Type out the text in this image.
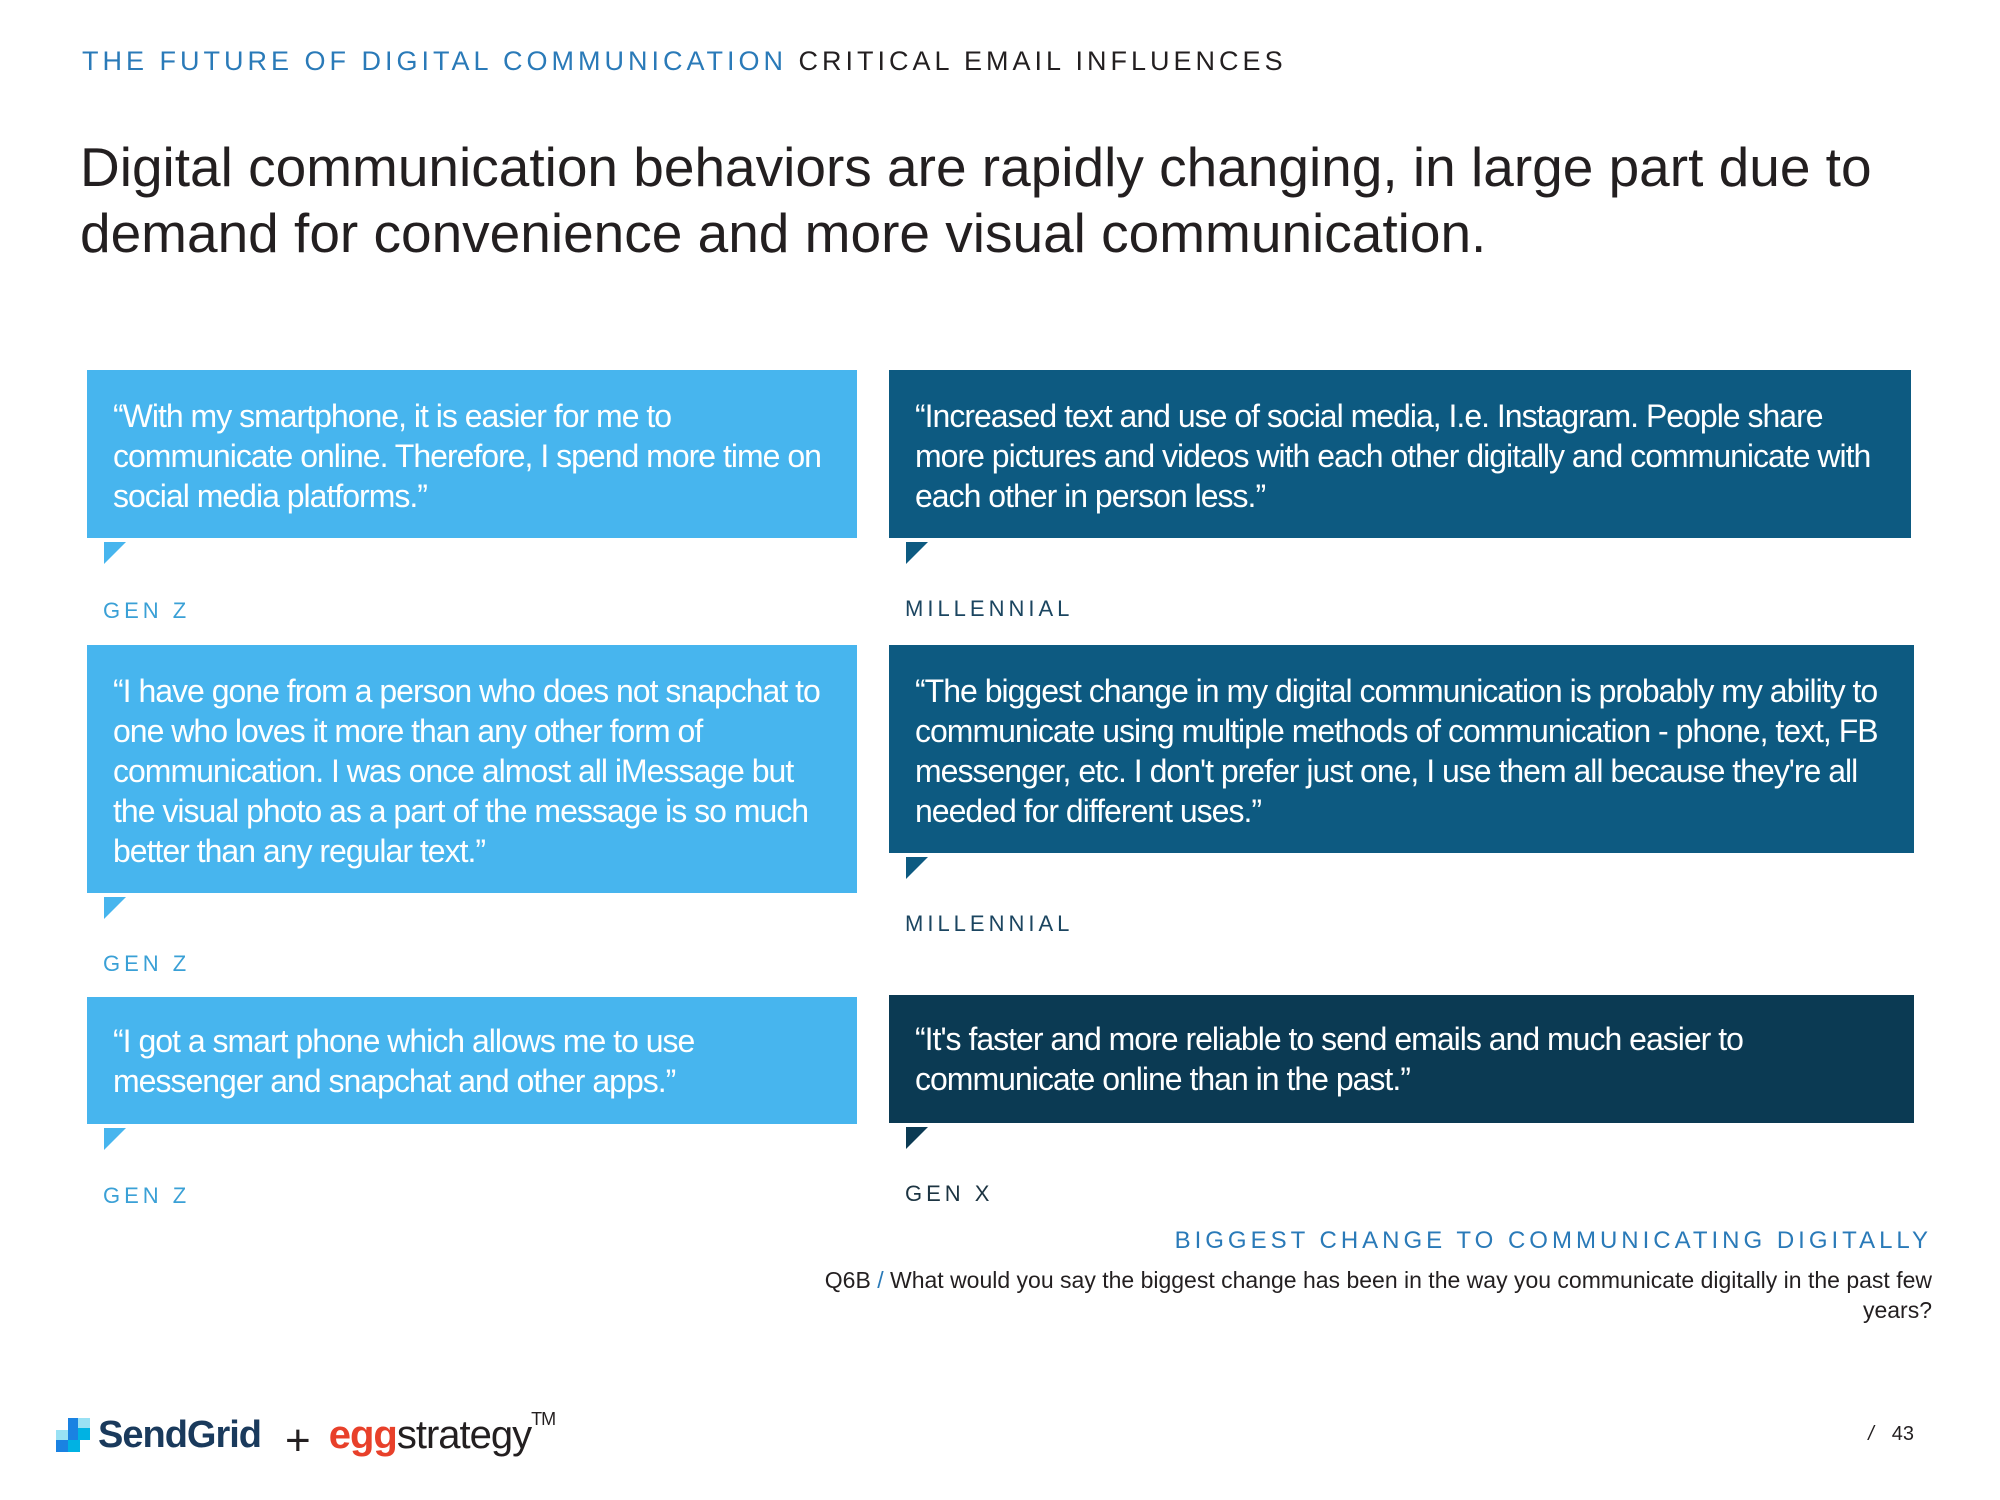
THE FUTURE OF DIGITAL COMMUNICATION CRITICAL EMAIL INFLUENCES
Digital communication behaviors are rapidly changing, in large part due to demand for convenience and more visual communication.
“With my smartphone, it is easier for me to communicate online. Therefore, I spend more time on social media platforms.”
GEN Z
“Increased text and use of social media, I.e. Instagram. People share more pictures and videos with each other digitally and communicate with each other in person less.”
MILLENNIAL
“I have gone from a person who does not snapchat to one who loves it more than any other form of communication. I was once almost all iMessage but the visual photo as a part of the message is so much better than any regular text.”
GEN Z
“The biggest change in my digital communication is probably my ability to communicate using multiple methods of communication - phone, text, FB messenger, etc. I don't prefer just one, I use them all because they're all needed for different uses.”
MILLENNIAL
“I got a smart phone which allows me to use messenger and snapchat and other apps.”
GEN Z
“It's faster and more reliable to send emails and much easier to communicate online than in the past.”
GEN X
BIGGEST CHANGE TO COMMUNICATING DIGITALLY
Q6B / What would you say the biggest change has been in the way you communicate digitally in the past few years?
SendGrid + eggstrategy™
/ 43
